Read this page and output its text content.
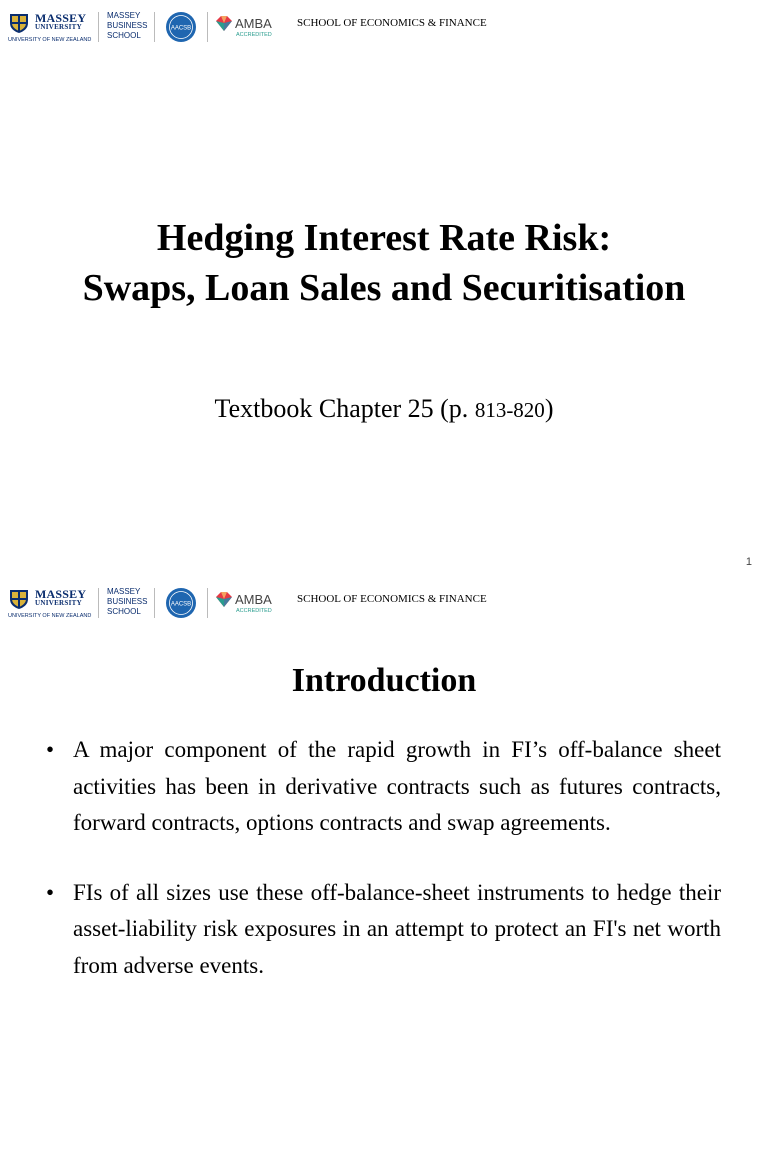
MASSEY
UNIVERSITY
UNIVERSITY OF NEW ZEALAND
MASSEY
BUSINESS
SCHOOL
AACSB	AMBA
ACCREDITED
SCHOOL OF ECONOMICS & FINANCE
Hedging Interest Rate Risk:
Swaps, Loan Sales and Securitisation
Textbook Chapter 25 (p. 813-820)
1
MASSEY
UNIVERSITY
UNIVERSITY OF NEW ZEALAND
MASSEY
BUSINESS
SCHOOL
AACSB	AMBA
ACCREDITED
SCHOOL OF ECONOMICS & FINANCE
Introduction
• A major component of the rapid growth in FI’s off-balance sheet activities has been in derivative contracts such as futures contracts, forward contracts, options contracts and swap agreements.
• FIs of all sizes use these off-balance-sheet instruments to hedge their asset-liability risk exposures in an attempt to protect an FI's net worth from adverse events.
